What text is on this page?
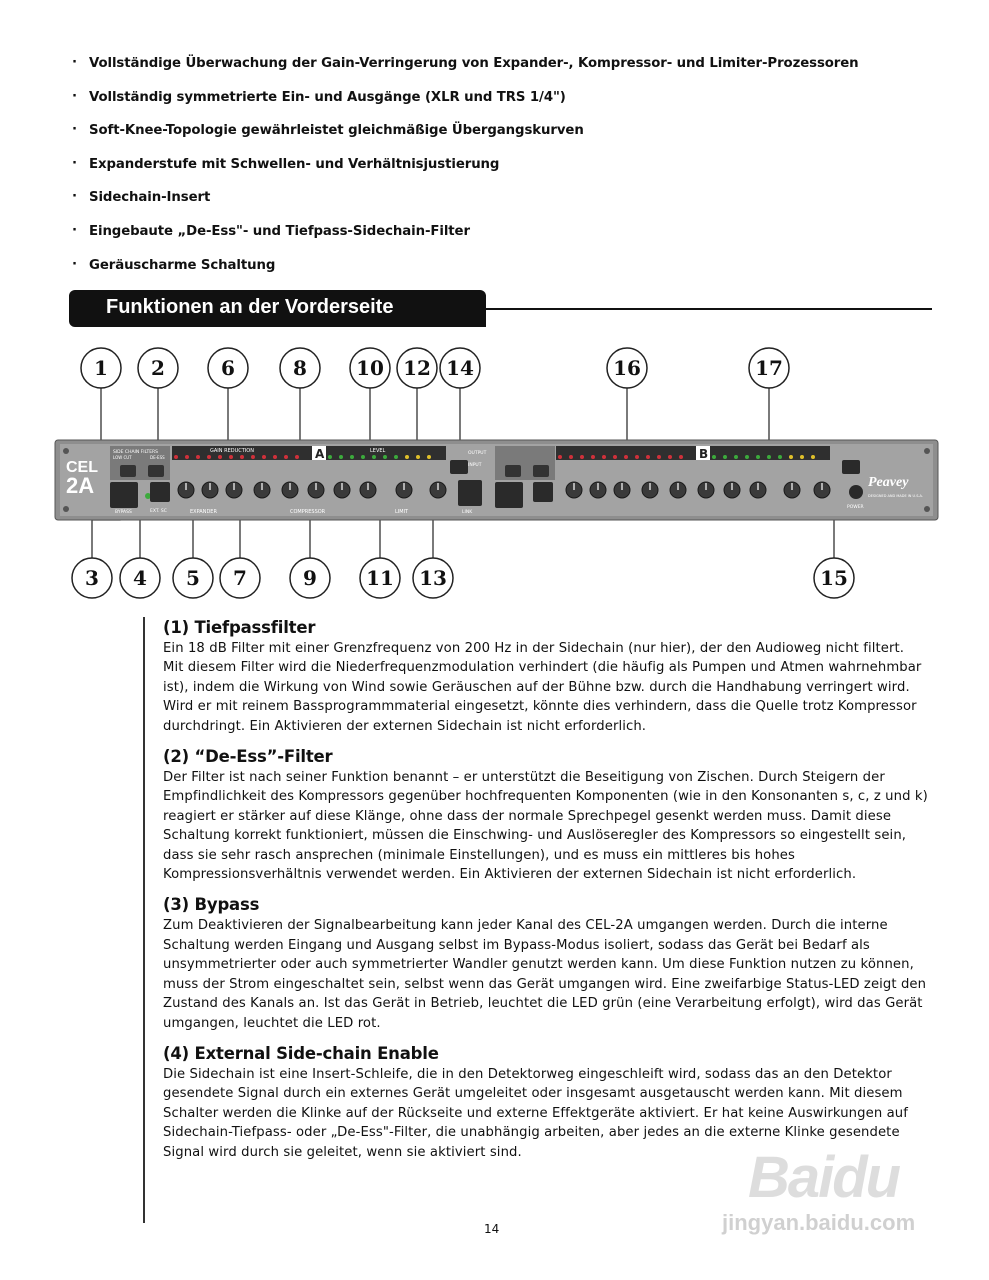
· Vollständige Überwachung der Gain-Verringerung von Expander-, Kompressor- und Limiter-Prozessoren
· Vollständig symmetrierte Ein- und Ausgänge (XLR und TRS 1/4")
· Soft-Knee-Topologie gewährleistet gleichmäßige Übergangskurven
· Expanderstufe mit Schwellen- und Verhältnisjustierung
· Sidechain-Insert
· Eingebaute „De-Ess"- und Tiefpass-Sidechain-Filter
· Geräuscharme Schaltung
Funktionen an der Vorderseite
1 2	6	8 10 12 14	16	17
3 4 5 7	9 11 13	15
CEL
2A
SIDE CHAIN FILTERS
LOW CUT	DE-ESS
BYPASS	EXT. SC
GAIN REDUCTION	A	LEVEL
EXPANDER	COMPRESSOR	LIMIT
OUTPUT
INPUT
LINK
B
POWER
Peavey
DESIGNED AND MADE IN U.S.A.
(1) Tiefpassfilter

Ein 18 dB Filter mit einer Grenzfrequenz von 200 Hz in der Sidechain (nur hier), der den Audioweg nicht filtert. Mit diesem Filter wird die Niederfrequenzmodulation verhindert (die häufig als Pumpen und Atmen wahrnehmbar ist), indem die Wirkung von Wind sowie Geräuschen auf der Bühne bzw. durch die Handhabung verringert wird. Wird er mit reinem Bassprogrammmaterial eingesetzt, könnte dies verhindern, dass die Quelle trotz Kompressor durchdringt. Ein Aktivieren der externen Sidechain ist nicht erforderlich.

(2) “De-Ess”-Filter

Der Filter ist nach seiner Funktion benannt – er unterstützt die Beseitigung von Zischen. Durch Steigern der Empfindlichkeit des Kompressors gegenüber hochfrequenten Komponenten (wie in den Konsonanten s, c, z und k) reagiert er stärker auf diese Klänge, ohne dass der normale Sprechpegel gesenkt werden muss. Damit diese Schaltung korrekt funktioniert, müssen die Einschwing- und Auslöseregler des Kompressors so eingestellt sein, dass sie sehr rasch ansprechen (minimale Einstellungen), und es muss ein mittleres bis hohes Kompressionsverhältnis verwendet werden. Ein Aktivieren der externen Sidechain ist nicht erforderlich.

(3) Bypass

Zum Deaktivieren der Signalbearbeitung kann jeder Kanal des CEL-2A umgangen werden. Durch die interne Schaltung werden Eingang und Ausgang selbst im Bypass-Modus isoliert, sodass das Gerät bei Bedarf als unsymmetrierter oder auch symmetrierter Wandler genutzt werden kann. Um diese Funktion nutzen zu können, muss der Strom eingeschaltet sein, selbst wenn das Gerät umgangen wird. Eine zweifarbige Status-LED zeigt den Zustand des Kanals an. Ist das Gerät in Betrieb, leuchtet die LED grün (eine Verarbeitung erfolgt), wird das Gerät umgangen, leuchtet die LED rot.

(4) External Side-chain Enable

Die Sidechain ist eine Insert-Schleife, die in den Detektorweg eingeschleift wird, sodass das an den Detektor gesendete Signal durch ein externes Gerät umgeleitet oder insgesamt ausgetauscht werden kann. Mit diesem Schalter werden die Klinke auf der Rückseite und externe Effektgeräte aktiviert. Er hat keine Auswirkungen auf Sidechain-Tiefpass- oder „De-Ess"-Filter, die unabhängig arbeiten, aber jedes an die externe Klinke gesendete Signal wird durch sie geleitet, wenn sie aktiviert sind.

14
Baidu
jingyan.baidu.com
